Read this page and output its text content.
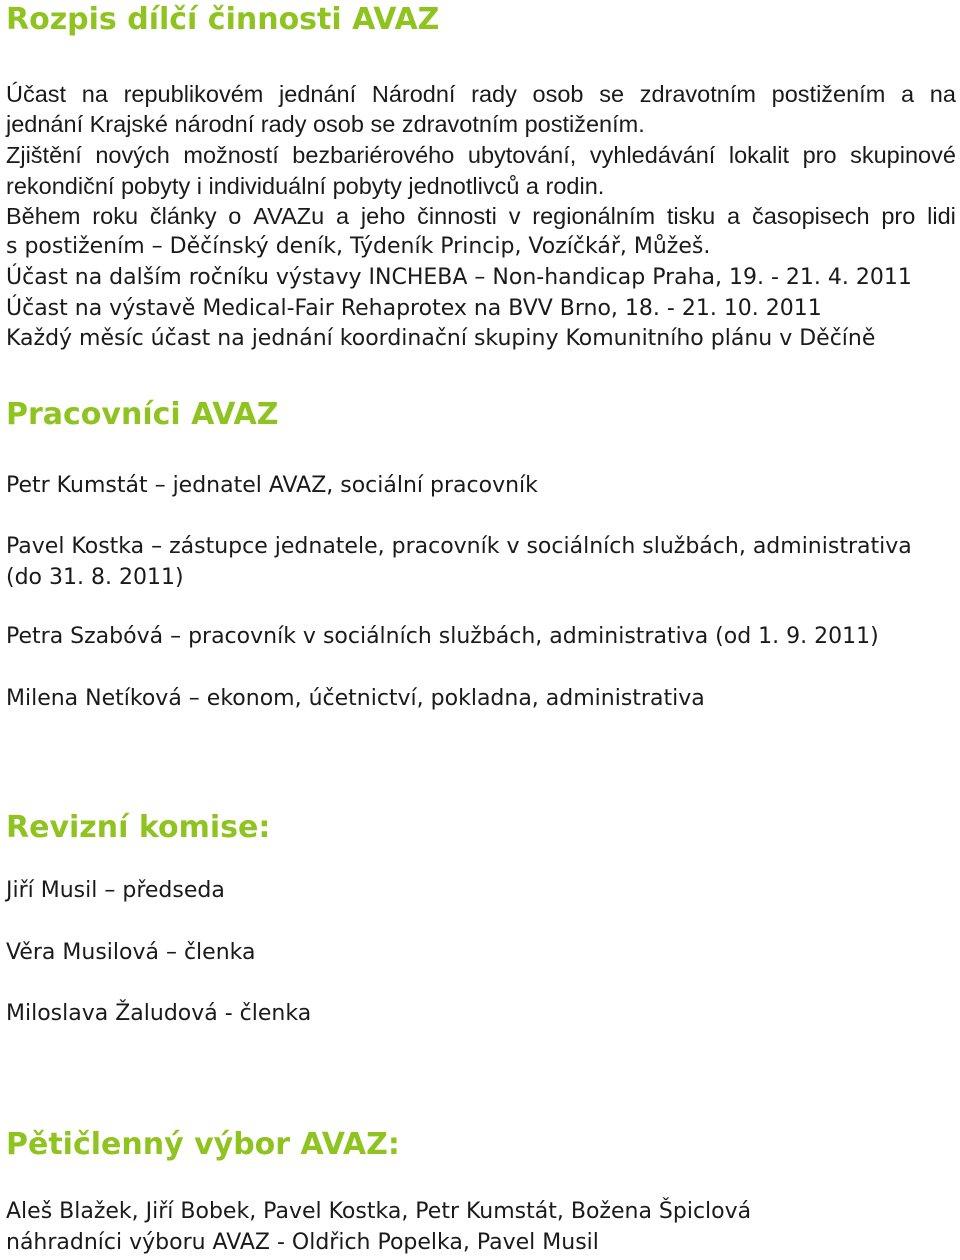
Rozpis dílčí činnosti AVAZ

Účast na republikovém jednání Národní rady osob se zdravotním postižením a na

jednání Krajské národní rady osob se zdravotním postižením.

Zjištění nových možností bezbariérového ubytování, vyhledávání lokalit pro skupinové

rekondiční pobyty i individuální pobyty jednotlivců a rodin.

Během roku články o AVAZu a jeho činnosti v regionálním tisku a časopisech pro lidi

s postižením – Děčínský deník, Týdeník Princip, Vozíčkář, Můžeš.

Účast na dalším ročníku výstavy INCHEBA – Non-handicap Praha, 19. - 21. 4. 2011

Účast na výstavě Medical-Fair Rehaprotex na BVV Brno, 18. - 21. 10. 2011

Každý měsíc účast na jednání koordinační skupiny Komunitního plánu v Děčíně

Pracovníci AVAZ

Petr Kumstát – jednatel AVAZ, sociální pracovník

Pavel Kostka – zástupce jednatele, pracovník v sociálních službách, administrativa

(do 31. 8. 2011)

Petra Szabóvá – pracovník v sociálních službách, administrativa (od 1. 9. 2011)

Milena Netíková – ekonom, účetnictví, pokladna, administrativa

Revizní komise:

Jiří Musil – předseda

Věra Musilová – členka

Miloslava Žaludová - členka

Pětičlenný výbor AVAZ:

Aleš Blažek, Jiří Bobek, Pavel Kostka, Petr Kumstát, Božena Špiclová

náhradníci výboru AVAZ - Oldřich Popelka, Pavel Musil
